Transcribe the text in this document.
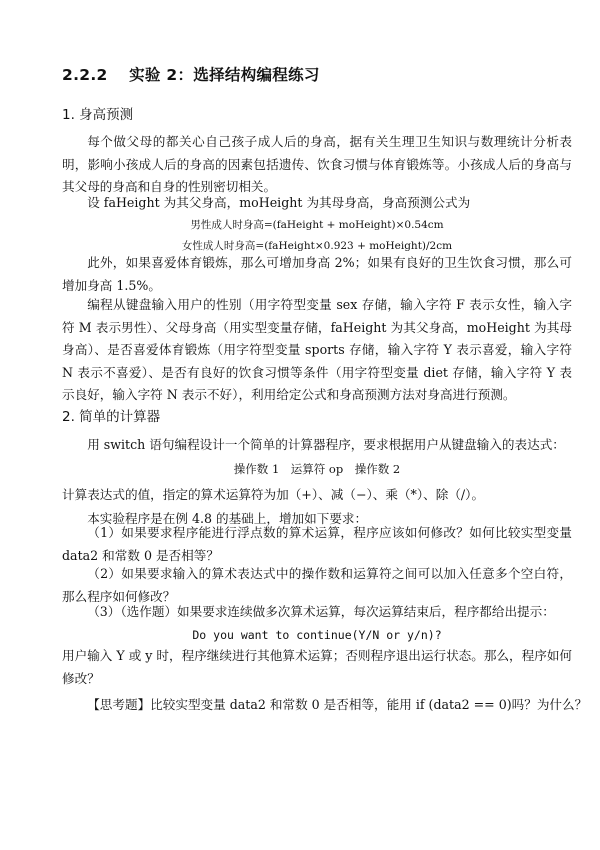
2.2.2　 实验 2：选择结构编程练习
1. 身高预测
每个做父母的都关心自己孩子成人后的身高，据有关生理卫生知识与数理统计分析表明，影响小孩成人后的身高的因素包括遗传、饮食习惯与体育锻炼等。小孩成人后的身高与其父母的身高和自身的性别密切相关。
设 faHeight 为其父身高，moHeight 为其母身高，身高预测公式为
男性成人时身高=(faHeight + moHeight)×0.54cm
女性成人时身高=(faHeight×0.923 + moHeight)/2cm
此外，如果喜爱体育锻炼，那么可增加身高 2%；如果有良好的卫生饮食习惯，那么可增加身高 1.5%。
编程从键盘输入用户的性别（用字符型变量 sex 存储，输入字符 F 表示女性，输入字符 M 表示男性）、父母身高（用实型变量存储，faHeight 为其父身高，moHeight 为其母身高）、是否喜爱体育锻炼（用字符型变量 sports 存储，输入字符 Y 表示喜爱，输入字符 N 表示不喜爱）、是否有良好的饮食习惯等条件（用字符型变量 diet 存储，输入字符 Y 表示良好，输入字符 N 表示不好），利用给定公式和身高预测方法对身高进行预测。
2. 简单的计算器
用 switch 语句编程设计一个简单的计算器程序，要求根据用户从键盘输入的表达式：
操作数 1　运算符 op　操作数 2
计算表达式的值，指定的算术运算符为加（+）、减（−）、乘（*）、除（/）。
本实验程序是在例 4.8 的基础上，增加如下要求：
（1）如果要求程序能进行浮点数的算术运算，程序应该如何修改？如何比较实型变量 data2 和常数 0 是否相等？
（2）如果要求输入的算术表达式中的操作数和运算符之间可以加入任意多个空白符，那么程序如何修改？
（3）（选作题）如果要求连续做多次算术运算，每次运算结束后，程序都给出提示：
Do you want to continue(Y/N or y/n)?
用户输入 Y 或 y 时，程序继续进行其他算术运算；否则程序退出运行状态。那么，程序如何修改？
【思考题】比较实型变量 data2 和常数 0 是否相等，能用 if (data2 == 0)吗？为什么？
